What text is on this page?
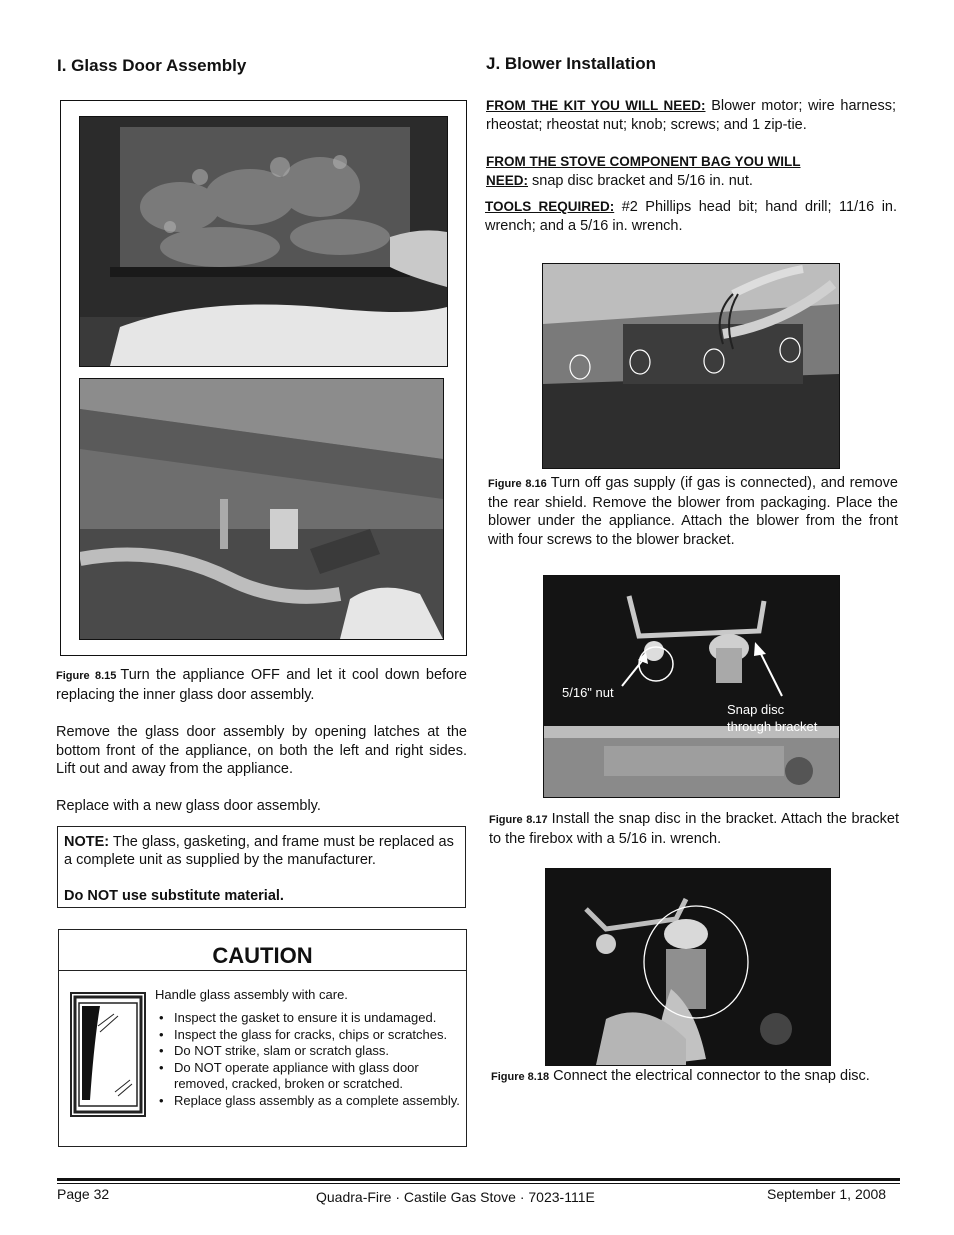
I. Glass Door Assembly
Figure 8.15 Turn the appliance OFF and let it cool down before replacing the inner glass door assembly.
Remove the glass door assembly by opening latches at the bottom front of the appliance, on both the left and right sides. Lift out and away from the appliance.
Replace with a new glass door assembly.
NOTE: The glass, gasketing, and frame must be replaced as a complete unit as supplied by the manufacturer.
Do NOT use substitute material.
CAUTION
Handle glass assembly with care.
• Inspect the gasket to ensure it is undamaged.
• Inspect the glass for cracks, chips or scratches.
• Do NOT strike, slam or scratch glass.
• Do NOT operate appliance with glass door removed, cracked, broken or scratched.
• Replace glass assembly as a complete assembly.
J. Blower Installation
FROM THE KIT YOU WILL NEED: Blower motor; wire harness; rheostat; rheostat nut; knob; screws; and 1 zip-tie.
FROM THE STOVE COMPONENT BAG YOU WILL
NEED: snap disc bracket and 5/16 in. nut.
TOOLS REQUIRED: #2 Phillips head bit; hand drill; 11/16 in. wrench; and a 5/16 in. wrench.
Figure 8.16 Turn off gas supply (if gas is connected), and remove the rear shield. Remove the blower from packaging. Place the blower under the appliance. Attach the blower from the front with four screws to the blower bracket.
5/16" nut
Snap disc
through bracket
Figure 8.17 Install the snap disc in the bracket. Attach the bracket to the firebox with a 5/16 in. wrench.
Figure 8.18 Connect the electrical connector to the snap disc.
Page 32	Quadra-Fire · Castile Gas Stove · 7023-111E	September 1, 2008
